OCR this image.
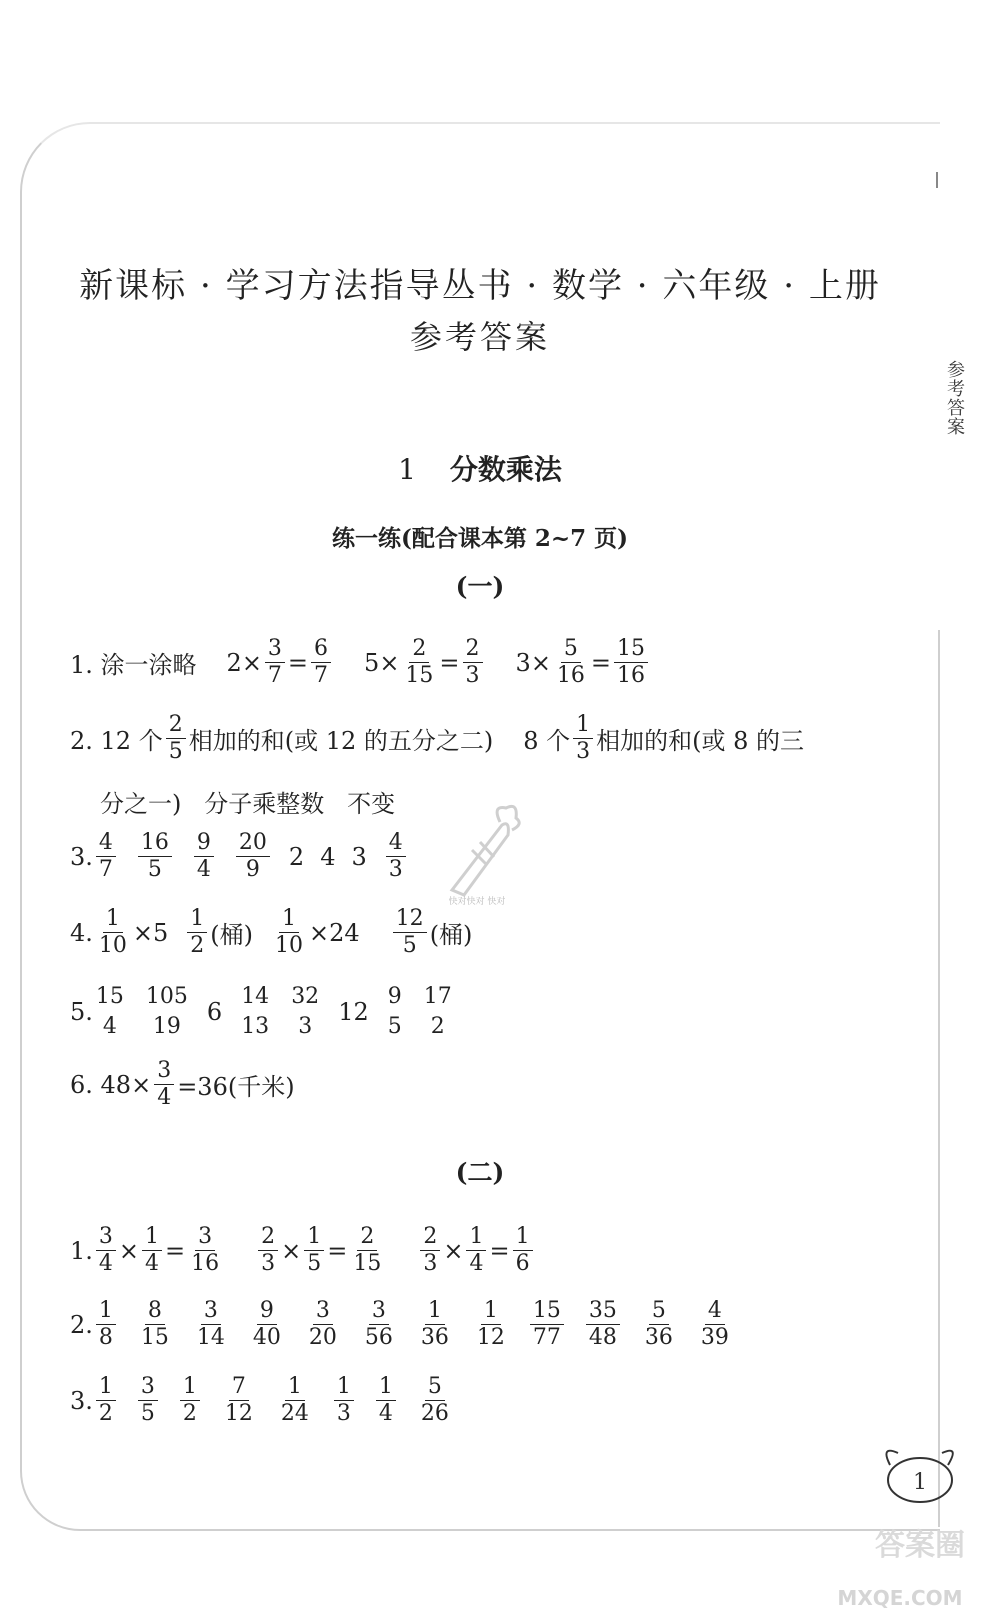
参考答案
新课标 · 学习方法指导丛书 · 数学 · 六年级 · 上册
参考答案
1 分数乘法
练一练(配合课本第 2~7 页)
(一)
1. 涂一涂略 $2 \times \frac{3}{7} = \frac{6}{7} 5 \times \frac{2}{15} = \frac{2}{3} 3 \times \frac{5}{16} = \frac{15}{16}$
2. 12 个 $\frac{2}{5}$ 相加的和(或 12 的五分之二) 8 个 $\frac{1}{3}$ 相加的和(或 8 的三
分之一)   分子乘整数   不变
3. $\frac{4}{7} \frac{16}{5} \frac{9}{4} \frac{20}{9} 2$ 4 $3 \frac{4}{3}$
4. $\frac{1}{10} \times 5 \frac{1}{2}$ (桶) $\frac{1}{10} \times 24 \frac{12}{5}$ (桶)
5.
15
4
105
19
6
14
13
32
3
12
9
5
17
2
6. $48\times \frac{3}{4} =36$(千米)
(二)
1. $\frac{3}{4} \times \frac{1}{4} = \frac{3}{16} \frac{2}{3} \times \frac{1}{5} = \frac{2}{15} \frac{2}{3} \times \frac{1}{4} = \frac{1}{6}$
2. $\frac{1}{8} \frac{8}{15} \frac{3}{14} \frac{9}{40} \frac{3}{20} \frac{3}{56} \frac{1}{36} \frac{1}{12} \frac{15}{77} \frac{35}{48} \frac{5}{36} \frac{4}{39}$
3. $\frac{1}{2} \frac{3}{5} \frac{1}{2} \frac{7}{12} \frac{1}{24} \frac{1}{3} \frac{1}{4} \frac{5}{26}$
快对快对 快对
1
答案圈
MXQE.COM
